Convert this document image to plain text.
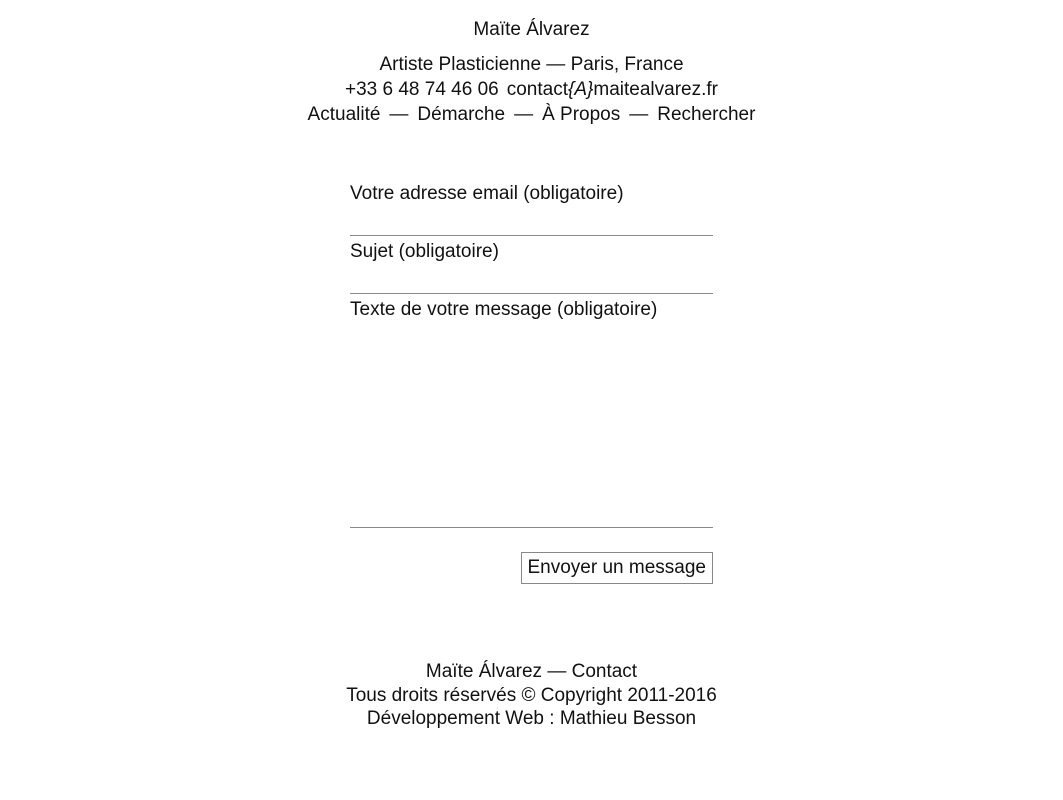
Maïte Álvarez
Artiste Plasticienne — Paris, France
+33 6 48 74 46 06 contact{A}maitealvarez.fr
Actualité — Démarche — À Propos — Rechercher
Votre adresse email (obligatoire)
Sujet (obligatoire)
Texte de votre message (obligatoire)
Envoyer un message
Maïte Álvarez — Contact
Tous droits réservés © Copyright 2011-2016
Développement Web : Mathieu Besson
